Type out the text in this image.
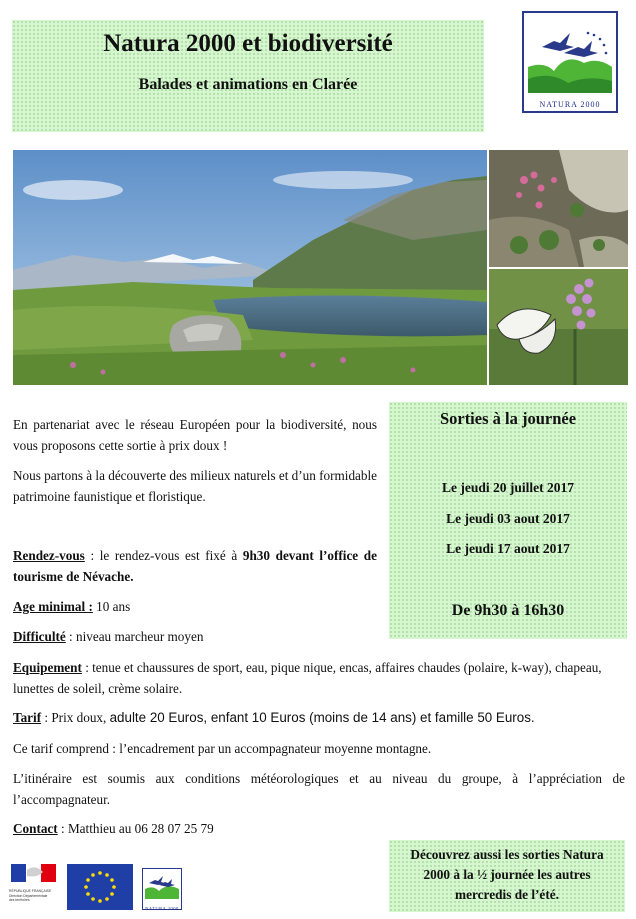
Natura 2000 et biodiversité
Balades et animations en Clarée
NATURA 2000
En partenariat avec le réseau Européen pour la biodiversité, nous vous proposons cette sortie à prix doux !
Nous partons à la découverte des milieux naturels et d’un formidable patrimoine faunistique et floristique.
Rendez-vous : le rendez-vous est fixé à 9h30 devant l’office de tourisme de Névache.
Age minimal : 10 ans
Difficulté : niveau marcheur moyen
Equipement : tenue et chaussures de sport, eau, pique nique, encas, affaires chaudes (polaire, k-way), chapeau, lunettes de soleil, crème solaire.
Tarif : Prix doux, adulte 20 Euros, enfant 10 Euros (moins de 14 ans) et famille 50 Euros.
Ce tarif comprend : l’encadrement par un accompagnateur moyenne montagne.
L’itinéraire est soumis aux conditions météorologiques et au niveau du groupe, à l’appréciation de l’accompagnateur.
Contact : Matthieu au 06 28 07 25 79
Sorties à la journée
Le jeudi 20 juillet 2017
Le jeudi 03 aout 2017
Le jeudi 17 aout 2017
De 9h30 à 16h30
Découvrez aussi les sorties Natura 2000 à la ½ journée les autres mercredis de l’été.
RÉPUBLIQUE FRANÇAISE
Direction Départementale
des territoires
NATURA 2000
